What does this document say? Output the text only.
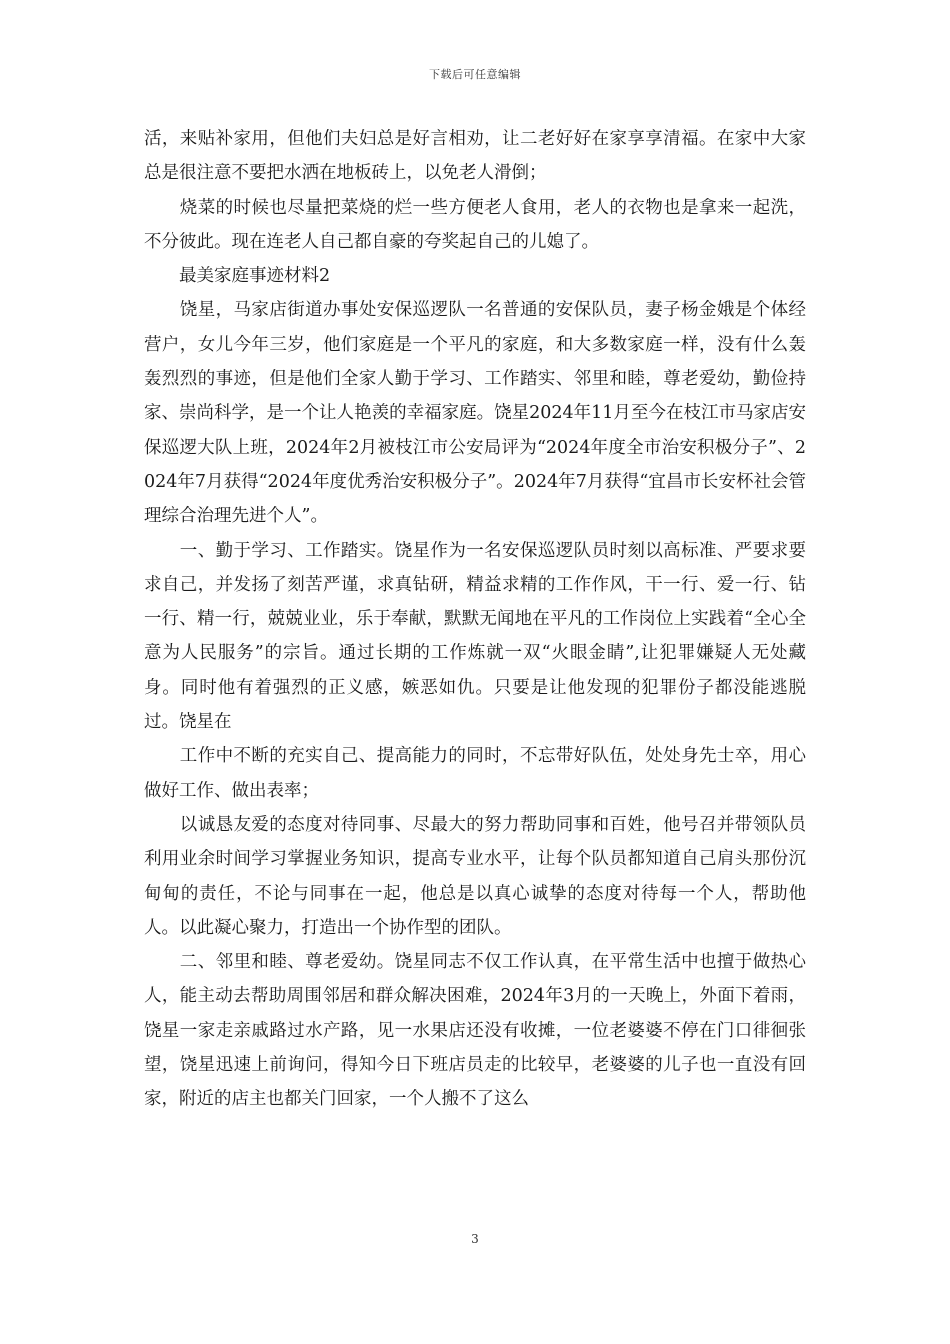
下载后可任意编辑

活，来贴补家用，但他们夫妇总是好言相劝，让二老好好在家享享清福。在家中大家总是很注意不要把水洒在地板砖上，以免老人滑倒；

　　烧菜的时候也尽量把菜烧的烂一些方便老人食用，老人的衣物也是拿来一起洗，不分彼此。现在连老人自己都自豪的夸奖起自己的儿媳了。

　　最美家庭事迹材料2

　　饶星，马家店街道办事处安保巡逻队一名普通的安保队员，妻子杨金娥是个体经营户，女儿今年三岁，他们家庭是一个平凡的家庭，和大多数家庭一样，没有什么轰轰烈烈的事迹，但是他们全家人勤于学习、工作踏实、邻里和睦，尊老爱幼，勤俭持家、崇尚科学，是一个让人艳羡的幸福家庭。饶星2024年11月至今在枝江市马家店安保巡逻大队上班，2024年2月被枝江市公安局评为“2024年度全市治安积极分子”、2024年7月获得“2024年度优秀治安积极分子”。2024年7月获得“宜昌市长安杯社会管理综合治理先进个人”。

　　一、勤于学习、工作踏实。饶星作为一名安保巡逻队员时刻以高标准、严要求要求自己，并发扬了刻苦严谨，求真钻研，精益求精的工作作风，干一行、爱一行、钻一行、精一行，兢兢业业，乐于奉献，默默无闻地在平凡的工作岗位上实践着“全心全意为人民服务”的宗旨。通过长期的工作炼就一双“火眼金睛”,让犯罪嫌疑人无处藏身。同时他有着强烈的正义感，嫉恶如仇。只要是让他发现的犯罪份子都没能逃脱过。饶星在

　　工作中不断的充实自己、提高能力的同时，不忘带好队伍，处处身先士卒，用心做好工作、做出表率；

　　以诚恳友爱的态度对待同事、尽最大的努力帮助同事和百姓，他号召并带领队员利用业余时间学习掌握业务知识，提高专业水平，让每个队员都知道自己肩头那份沉甸甸的责任，不论与同事在一起，他总是以真心诚挚的态度对待每一个人，帮助他人。以此凝心聚力，打造出一个协作型的团队。

　　二、邻里和睦、尊老爱幼。饶星同志不仅工作认真，在平常生活中也擅于做热心人，能主动去帮助周围邻居和群众解决困难，2024年3月的一天晚上，外面下着雨，饶星一家走亲戚路过水产路，见一水果店还没有收摊，一位老婆婆不停在门口徘徊张望，饶星迅速上前询问，得知今日下班店员走的比较早，老婆婆的儿子也一直没有回家，附近的店主也都关门回家，一个人搬不了这么

3
